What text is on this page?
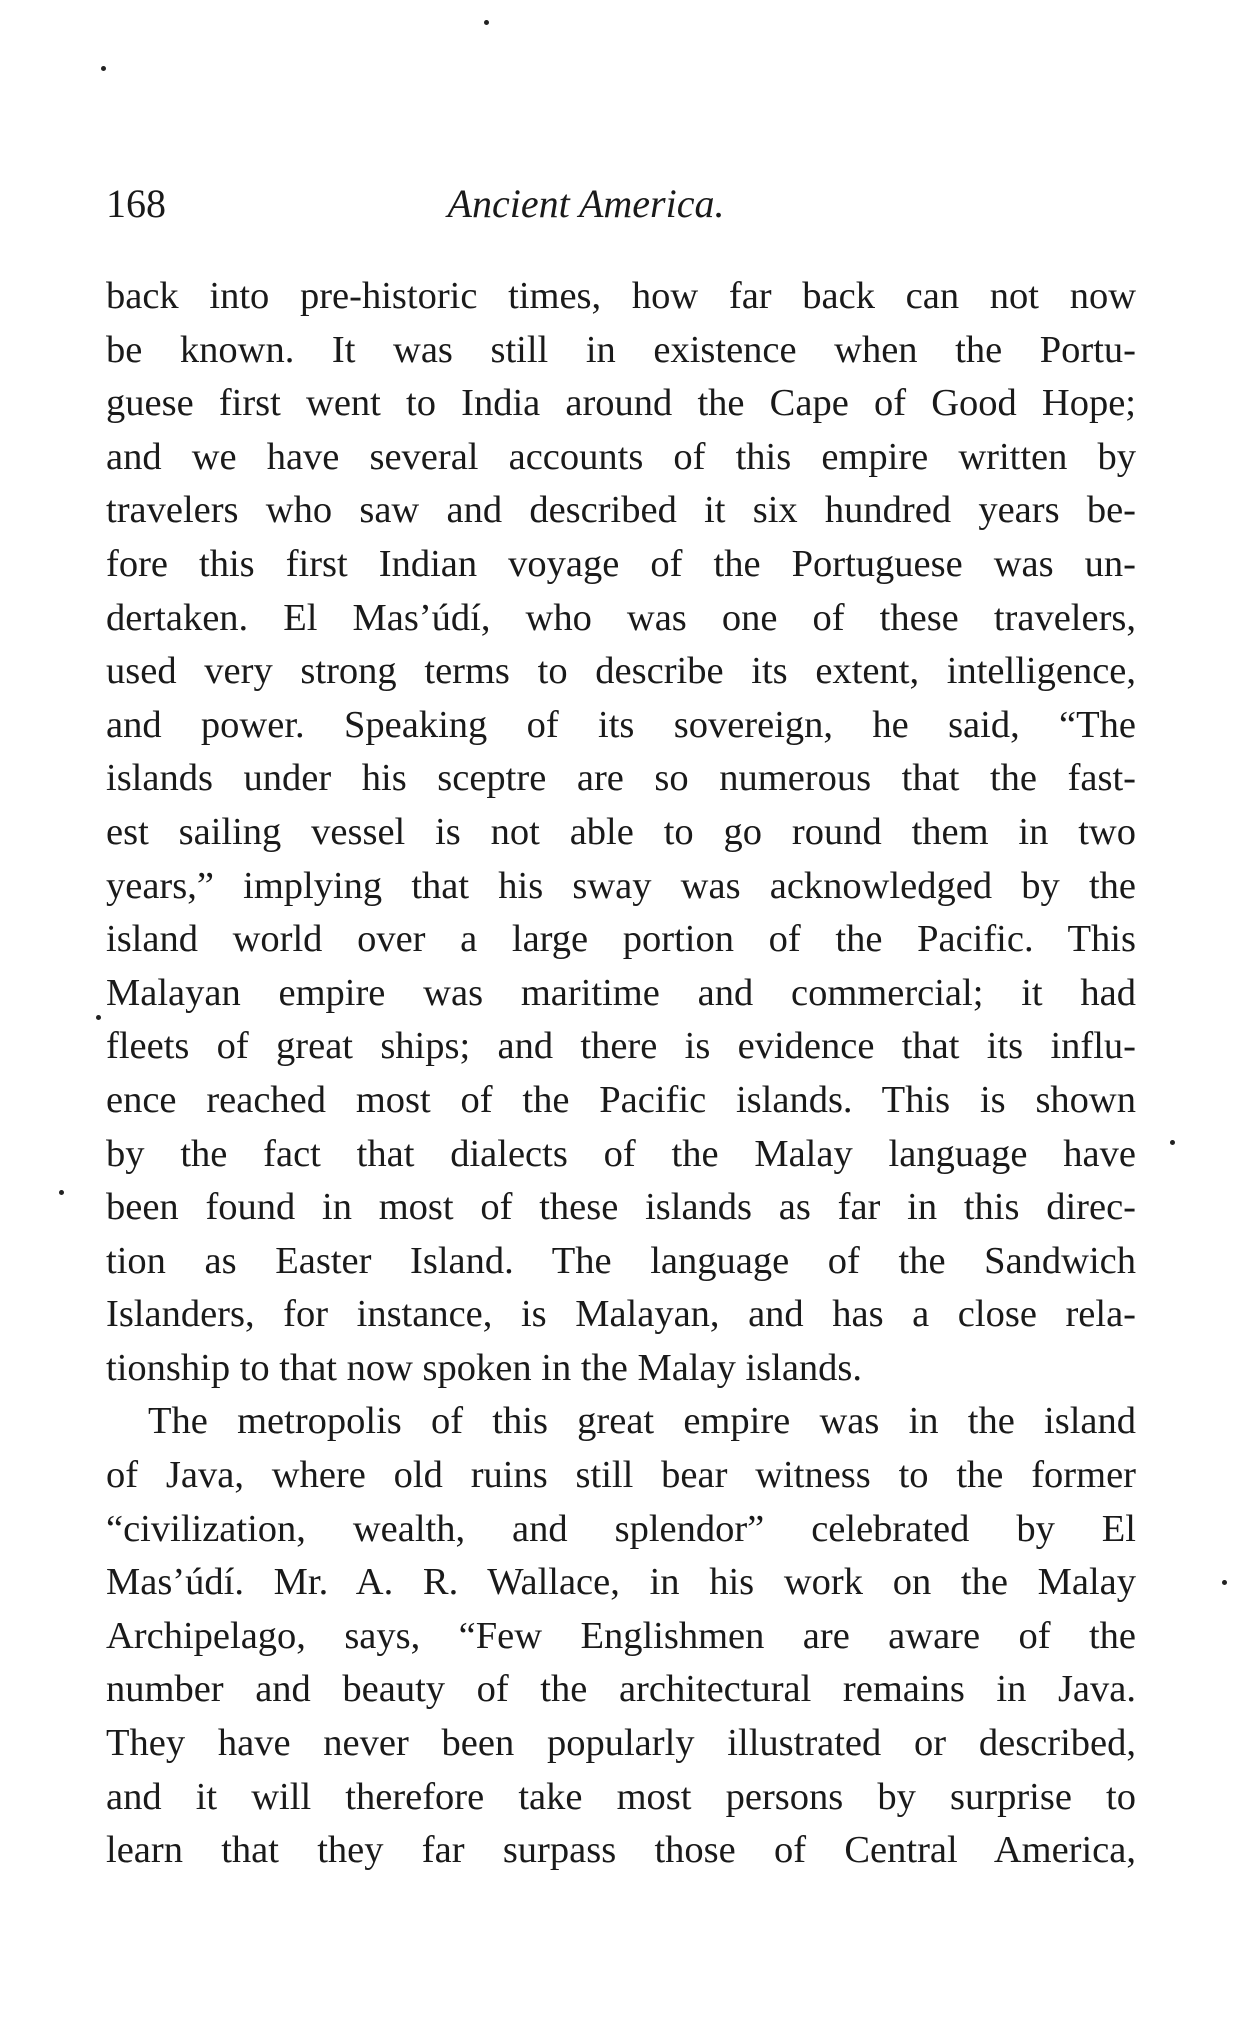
168	Ancient America.
back into pre-historic times, how far back can not now
be known. It was still in existence when the Portu-
guese first went to India around the Cape of Good Hope;
and we have several accounts of this empire written by
travelers who saw and described it six hundred years be-
fore this first Indian voyage of the Portuguese was un-
dertaken. El Mas’údí, who was one of these travelers,
used very strong terms to describe its extent, intelligence,
and power. Speaking of its sovereign, he said, “The
islands under his sceptre are so numerous that the fast-
est sailing vessel is not able to go round them in two
years,” implying that his sway was acknowledged by the
island world over a large portion of the Pacific. This
Malayan empire was maritime and commercial; it had
fleets of great ships; and there is evidence that its influ-
ence reached most of the Pacific islands. This is shown
by the fact that dialects of the Malay language have
been found in most of these islands as far in this direc-
tion as Easter Island. The language of the Sandwich
Islanders, for instance, is Malayan, and has a close rela-
tionship to that now spoken in the Malay islands.
The metropolis of this great empire was in the island
of Java, where old ruins still bear witness to the former
“civilization, wealth, and splendor” celebrated by El
Mas’údí. Mr. A. R. Wallace, in his work on the Malay
Archipelago, says, “Few Englishmen are aware of the
number and beauty of the architectural remains in Java.
They have never been popularly illustrated or described,
and it will therefore take most persons by surprise to
learn that they far surpass those of Central America,
